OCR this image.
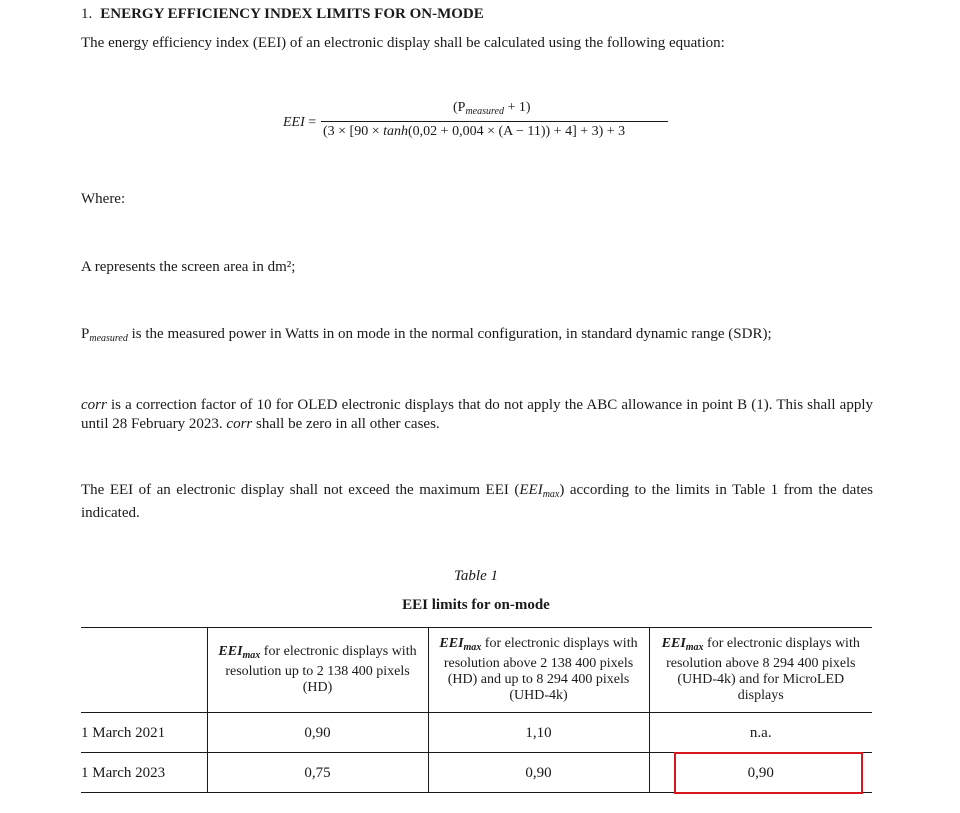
1. ENERGY EFFICIENCY INDEX LIMITS FOR ON-MODE
The energy efficiency index (EEI) of an electronic display shall be calculated using the following equation:
EEI =
$(P_{measured} + 1)$
(3 × [90 × tanh(0,02 + 0,004 × (A − 11)) + 4] + 3) + 3
Where:
A represents the screen area in dm²;
$P_{measured}$ is the measured power in Watts in on mode in the normal configuration, in standard dynamic range (SDR);
corr is a correction factor of 10 for OLED electronic displays that do not apply the ABC allowance in point B (1). This shall apply until 28 February 2023. corr shall be zero in all other cases.
The EEI of an electronic display shall not exceed the maximum EEI $(EEI_{max})$ according to the limits in Table 1 from the dates indicated.
Table 1
EEI limits for on-mode
	$EEI_{max}$ for electronic displays with resolution up to 2 138 400 pixels (HD)	$EEI_{max}$ for electronic displays with resolution above 2 138 400 pixels (HD) and up to 8 294 400 pixels (UHD-4k)	$EEI_{max}$ for electronic displays with resolution above 8 294 400 pixels (UHD-4k) and for MicroLED displays
1 March 2021	0,90	1,10	n.a.
1 March 2023	0,75	0,90	0,90
